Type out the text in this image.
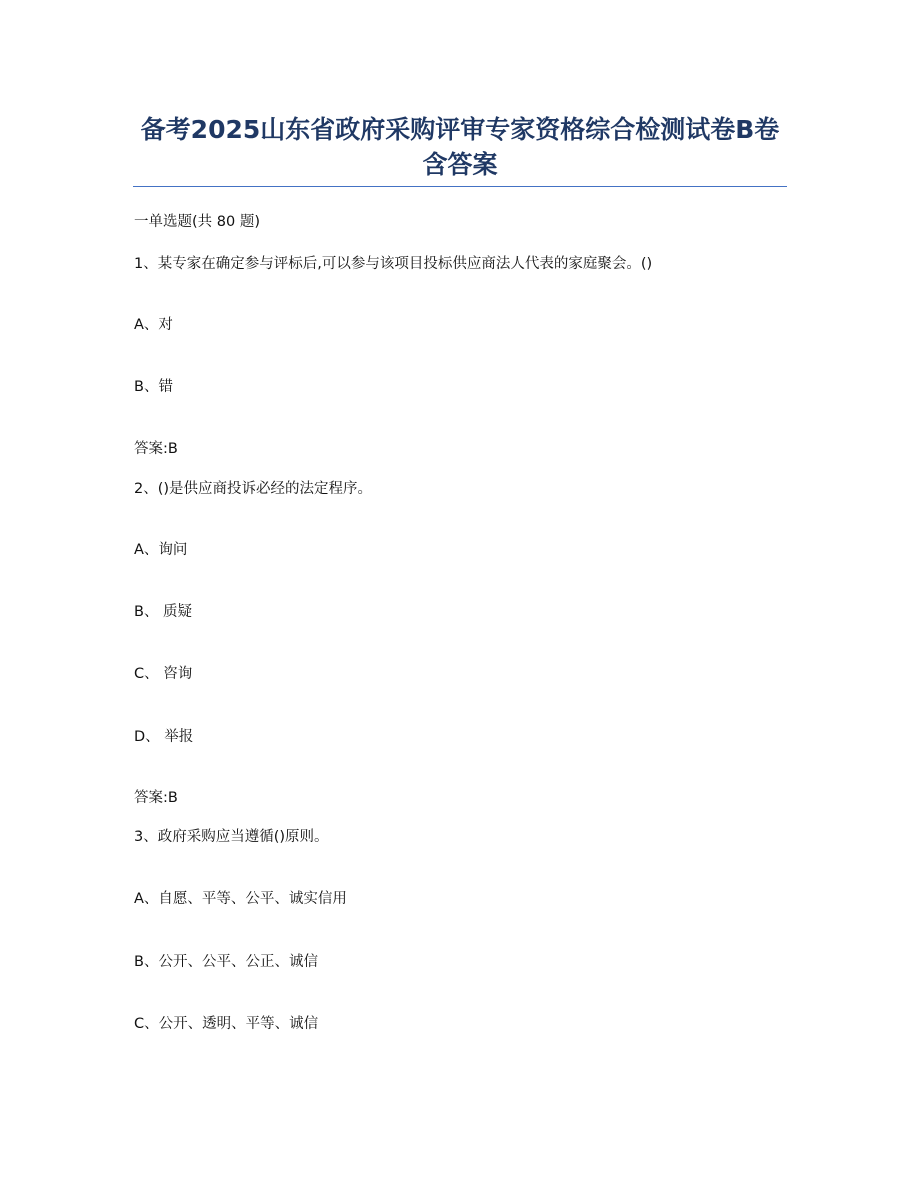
备考2025山东省政府采购评审专家资格综合检测试卷B卷
含答案
一单选题(共 80 题)
1、某专家在确定参与评标后,可以参与该项目投标供应商法人代表的家庭聚会。()
A、对
B、错
答案:B
2、()是供应商投诉必经的法定程序。
A、询问
B、 质疑
C、 咨询
D、 举报
答案:B
3、政府采购应当遵循()原则。
A、自愿、平等、公平、诚实信用
B、公开、公平、公正、诚信
C、公开、透明、平等、诚信
